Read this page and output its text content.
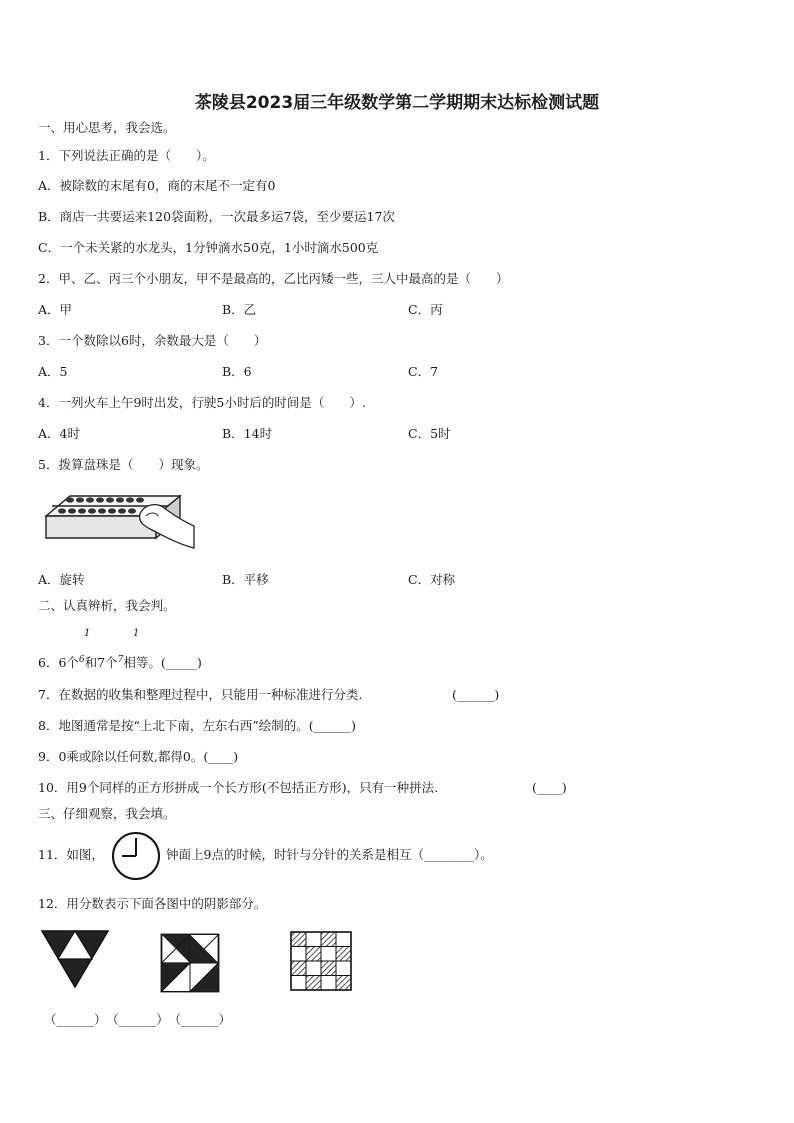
茶陵县2023届三年级数学第二学期期末达标检测试题
一、用心思考，我会选。
1．下列说法正确的是（　　）。
A．被除数的末尾有0，商的末尾不一定有0
B．商店一共要运来120袋面粉，一次最多运7袋，至少要运17次
C．一个未关紧的水龙头，1分钟滴水50克，1小时滴水500克
2．甲、乙、丙三个小朋友，甲不是最高的，乙比丙矮一些，三人中最高的是（　　）
A．甲	B．乙	C．丙
3．一个数除以6时，余数最大是（　　）
A．5	B．6	C．7
4．一列火车上午9时出发，行驶5小时后的时间是（　　）.
A．4时	B．14时	C．5时
5．拨算盘珠是（　　）现象。
A．旋转	B．平移	C．对称
二、认真辨析，我会判。
1	1
6．6个$^6$和7个$^7$相等。(_____)
7．在数据的收集和整理过程中，只能用一种标准进行分类.	(______)
8．地图通常是按“上北下南，左东右西”绘制的。(______)
9．0乘或除以任何数,都得0。(____)
10．用9个同样的正方形拼成一个长方形(不包括正方形)，只有一种拼法.	(____)
三、仔细观察，我会填。
11．如图，	钟面上9点的时候，时针与分针的关系是相互（________）。
12．用分数表示下面各图中的阴影部分。
（______） （______） （______）
